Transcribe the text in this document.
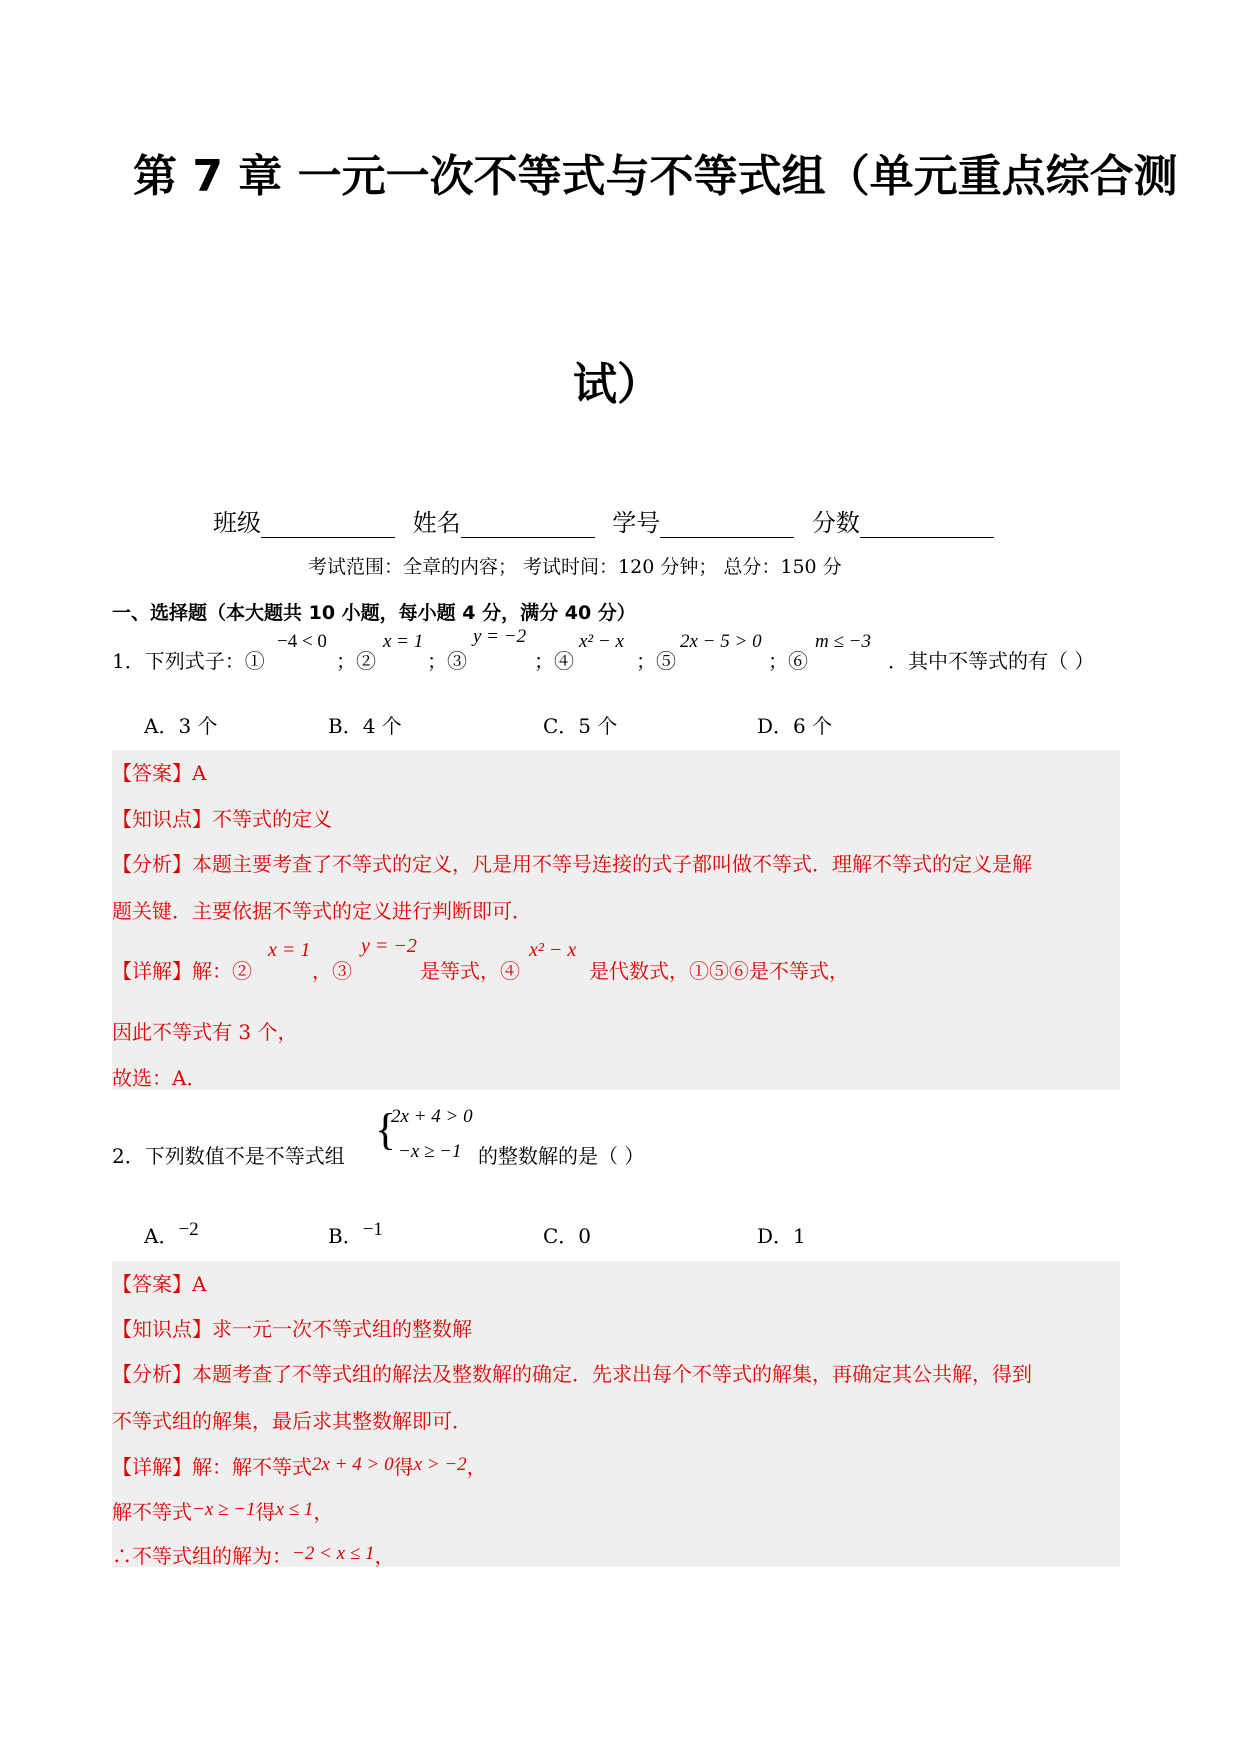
第 7 章 一元一次不等式与不等式组（单元重点综合测
试）
班级	姓名	学号	分数
考试范围：全章的内容； 考试时间：120 分钟； 总分：150 分
一、选择题（本大题共 10 小题，每小题 4 分，满分 40 分）
1．下列式子：①
−4 < 0
；②
x = 1
；③
y = −2
；④
x² − x
；⑤
2x − 5 > 0
；⑥
m ≤ −3
．其中不等式的有（ ）
A．3 个	B．4 个	C．5 个	D．6 个
【答案】A
【知识点】不等式的定义
【分析】本题主要考查了不等式的定义，凡是用不等号连接的式子都叫做不等式．理解不等式的定义是解
题关键．主要依据不等式的定义进行判断即可．
【详解】解：②
x = 1
，③
y = −2
是等式，④
x² − x
是代数式，①⑤⑥是不等式，
因此不等式有 3 个，
故选：A．
2．下列数值不是不等式组
{
2x + 4 > 0
−x ≥ −1 的整数解的是（ ）
A．−2	B．−1	C．0	D．1
【答案】A
【知识点】求一元一次不等式组的整数解
【分析】本题考查了不等式组的解法及整数解的确定．先求出每个不等式的解集，再确定其公共解，得到
不等式组的解集，最后求其整数解即可．
【详解】解：解不等式2x + 4 > 0得x > −2，
解不等式−x ≥ −1得x ≤ 1，
∴不等式组的解为：−2 < x ≤ 1，
